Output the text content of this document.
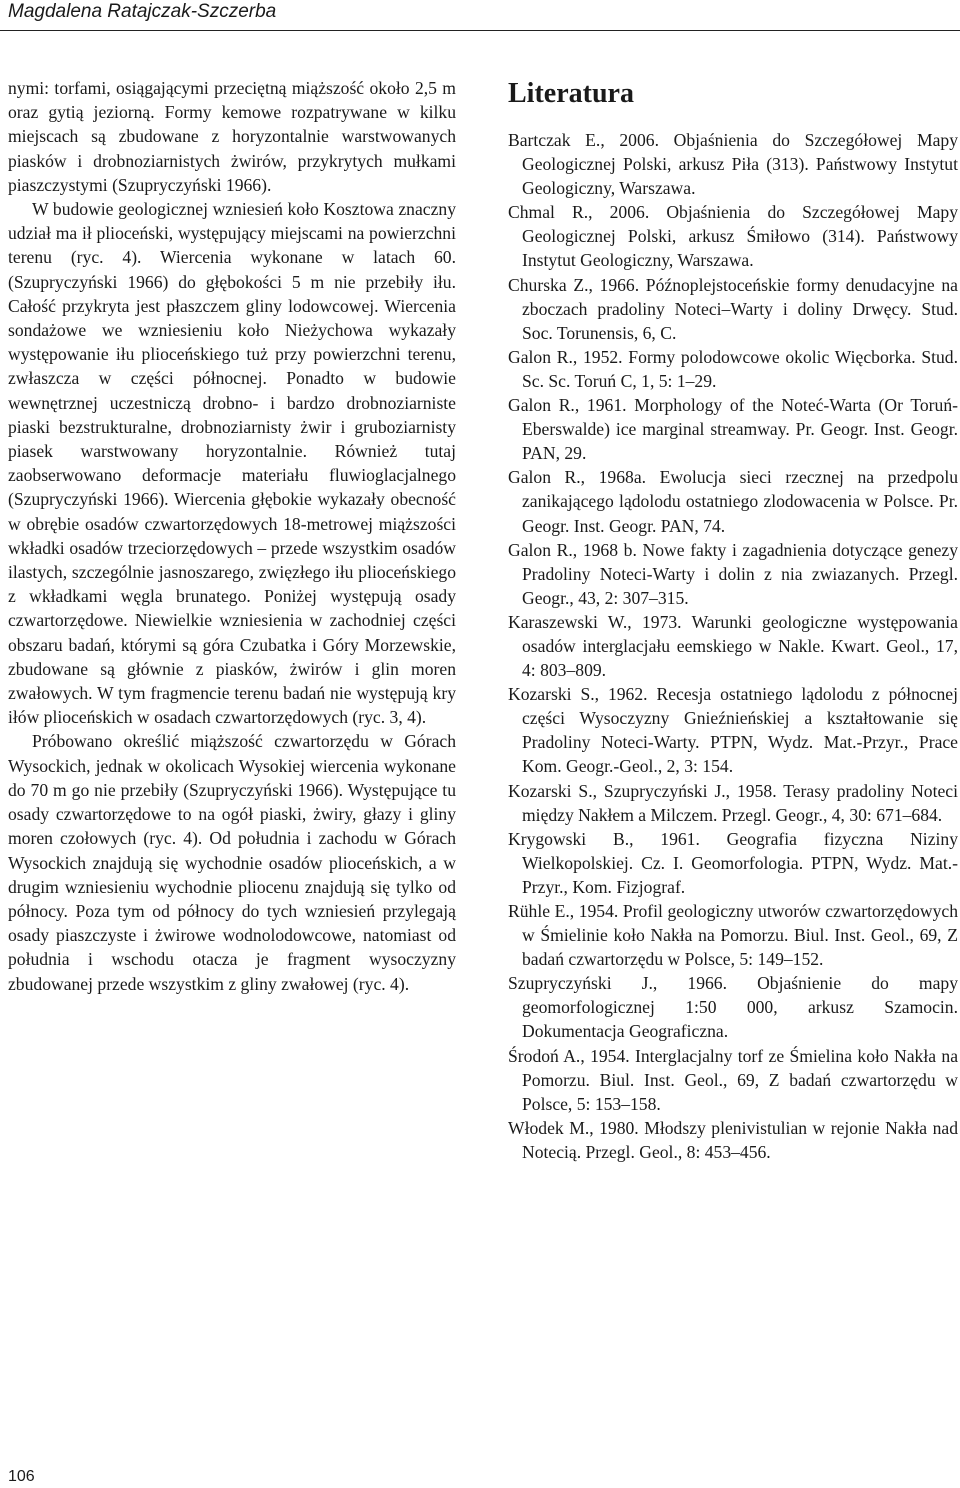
Magdalena Ratajczak-Szczerba

nymi: torfami, osiągającymi przeciętną miąższość około 2,5 m oraz gytią jeziorną. Formy kemowe rozpatrywane w kilku miejscach są zbudowane z horyzontalnie warstwowanych piasków i drobnoziarnistych żwirów, przykrytych mułkami piaszczystymi (Szupryczyński 1966).

W budowie geologicznej wzniesień koło Kosztowa znaczny udział ma ił plioceński, występujący miejscami na powierzchni terenu (ryc. 4). Wiercenia wykonane w latach 60. (Szupryczyński 1966) do głębokości 5 m nie przebiły iłu. Całość przykryta jest płaszczem gliny lodowcowej. Wiercenia sondażowe we wzniesieniu koło Nieżychowa wykazały występowanie iłu plioceńskiego tuż przy powierzchni terenu, zwłaszcza w części północnej. Ponadto w budowie wewnętrznej uczestniczą drobno- i bardzo drobnoziarniste piaski bezstrukturalne, drobnoziarnisty żwir i gruboziarnisty piasek warstwowany horyzontalnie. Również tutaj zaobserwowano deformacje materiału fluwioglacjalnego (Szupryczyński 1966). Wiercenia głębokie wykazały obecność w obrębie osadów czwartorzędowych 18-metrowej miąższości wkładki osadów trzeciorzędowych – przede wszystkim osadów ilastych, szczególnie jasnoszarego, zwięzłego iłu plioceńskiego z wkładkami węgla brunatego. Poniżej występują osady czwartorzędowe. Niewielkie wzniesienia w zachodniej części obszaru badań, którymi są góra Czubatka i Góry Morzewskie, zbudowane są głównie z piasków, żwirów i glin moren zwałowych. W tym fragmencie terenu badań nie występują kry iłów plioceńskich w osadach czwartorzędowych (ryc. 3, 4).

Próbowano określić miąższość czwartorzędu w Górach Wysockich, jednak w okolicach Wysokiej wiercenia wykonane do 70 m go nie przebiły (Szupryczyński 1966). Występujące tu osady czwartorzędowe to na ogół piaski, żwiry, głazy i gliny moren czołowych (ryc. 4). Od południa i zachodu w Górach Wysockich znajdują się wychodnie osadów plioceńskich, a w drugim wzniesieniu wychodnie pliocenu znajdują się tylko od północy. Poza tym od północy do tych wzniesień przylegają osady piaszczyste i żwirowe wodnolodowcowe, natomiast od południa i wschodu otacza je fragment wysoczyzny zbudowanej przede wszystkim z gliny zwałowej (ryc. 4).

Literatura

Bartczak E., 2006. Objaśnienia do Szczegółowej Mapy Geologicznej Polski, arkusz Piła (313). Państwowy Instytut Geologiczny, Warszawa.

Chmal R., 2006. Objaśnienia do Szczegółowej Mapy Geologicznej Polski, arkusz Śmiłowo (314). Państwowy Instytut Geologiczny, Warszawa.

Churska Z., 1966. Późnoplejstoceńskie formy denudacyjne na zboczach pradoliny Noteci–Warty i doliny Drwęcy. Stud. Soc. Torunensis, 6, C.

Galon R., 1952. Formy polodowcowe okolic Więcborka. Stud. Sc. Sc. Toruń C, 1, 5: 1–29.

Galon R., 1961. Morphology of the Noteć-Warta (Or Toruń-Eberswalde) ice marginal streamway. Pr. Geogr. Inst. Geogr. PAN, 29.

Galon R., 1968a. Ewolucja sieci rzecznej na przedpolu zanikającego lądolodu ostatniego zlodowacenia w Polsce. Pr. Geogr. Inst. Geogr. PAN, 74.

Galon R., 1968 b. Nowe fakty i zagadnienia dotyczące genezy Pradoliny Noteci-Warty i dolin z nia zwiazanych. Przegl. Geogr., 43, 2: 307–315.

Karaszewski W., 1973. Warunki geologiczne występowania osadów interglacjału eemskiego w Nakle. Kwart. Geol., 17, 4: 803–809.

Kozarski S., 1962. Recesja ostatniego lądolodu z północnej części Wysoczyzny Gnieźnieńskiej a kształtowanie się Pradoliny Noteci-Warty. PTPN, Wydz. Mat.-Przyr., Prace Kom. Geogr.-Geol., 2, 3: 154.

Kozarski S., Szupryczyński J., 1958. Terasy pradoliny Noteci między Nakłem a Milczem. Przegl. Geogr., 4, 30: 671–684.

Krygowski B., 1961. Geografia fizyczna Niziny Wielkopolskiej. Cz. I. Geomorfologia. PTPN, Wydz. Mat.-Przyr., Kom. Fizjograf.

Rühle E., 1954. Profil geologiczny utworów czwartorzędowych w Śmielinie koło Nakła na Pomorzu. Biul. Inst. Geol., 69, Z badań czwartorzędu w Polsce, 5: 149–152.

Szupryczyński J., 1966. Objaśnienie do mapy geomorfologicznej 1:50 000, arkusz Szamocin. Dokumentacja Geograficzna.

Środoń A., 1954. Interglacjalny torf ze Śmielina koło Nakła na Pomorzu. Biul. Inst. Geol., 69, Z badań czwartorzędu w Polsce, 5: 153–158.

Włodek M., 1980. Młodszy plenivistulian w rejonie Nakła nad Notecią. Przegl. Geol., 8: 453–456.

106
